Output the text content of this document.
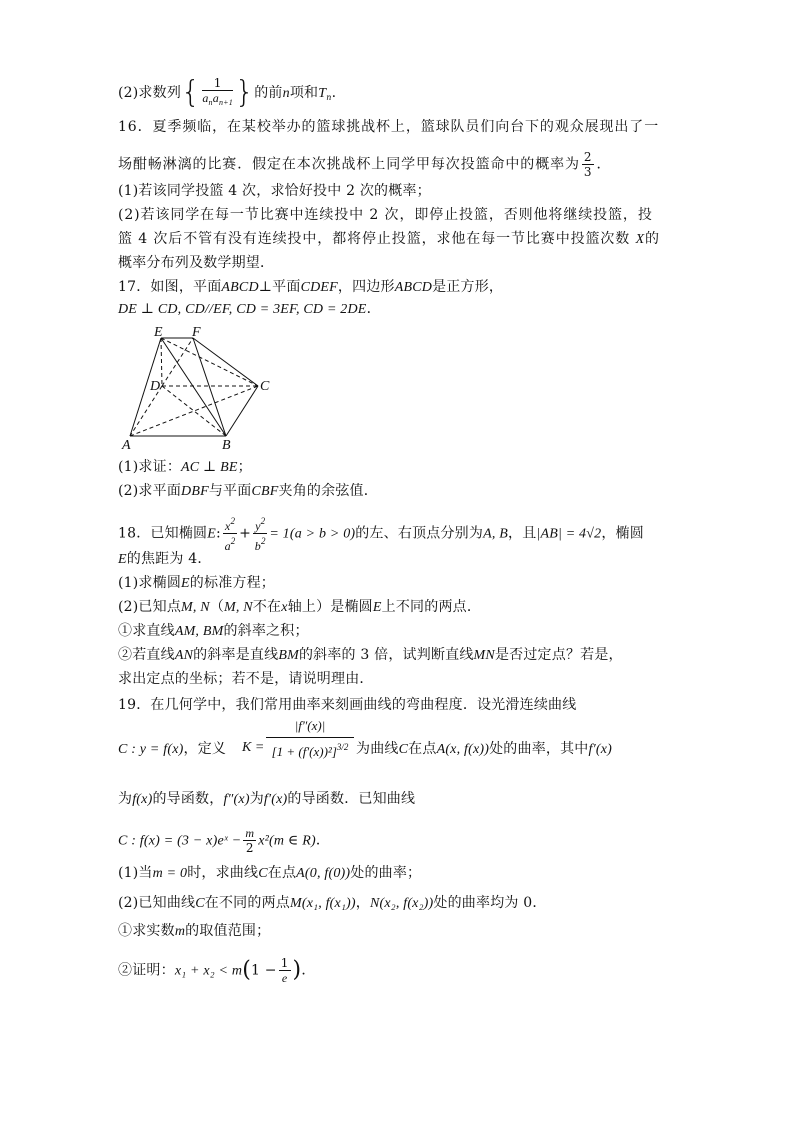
(2)求数列{ $\frac{1}{a_na_{n+1}}$ }的前n项和$T_n$.
16．夏季频临，在某校举办的篮球挑战杯上，篮球队员们向台下的观众展现出了一
场酣畅淋漓的比赛．假定在本次挑战杯上同学甲每次投篮命中的概率为 $\frac{2}{3}$ ．
(1)若该同学投篮 4 次，求恰好投中 2 次的概率；
(2)若该同学在每一节比赛中连续投中 2 次，即停止投篮，否则他将继续投篮，投
篮 4 次后不管有没有连续投中，都将停止投篮，求他在每一节比赛中投篮次数 X的
概率分布列及数学期望．
17．如图，平面ABCD⊥平面CDEF，四边形ABCD是正方形，
DE ⊥ CD, CD//EF, CD = 3EF, CD = 2DE．
E F
D	C
A	B
(1)求证：AC ⊥ BE；
(2)求平面DBF与平面CBF夹角的余弦值．
18．已知椭圆E: $\frac{x^2}{a^2} + \frac{y^2}{b^2} = 1(a > b > 0)$的左、右顶点分别为A, B，且|AB| = 4√2，椭圆
E的焦距为 4．
(1)求椭圆E的标准方程；
(2)已知点M, N（M, N不在x轴上）是椭圆E上不同的两点．
①求直线AM, BM的斜率之积；
②若直线AN的斜率是直线BM的斜率的 3 倍，试判断直线MN是否过定点？若是，
求出定点的坐标；若不是，请说明理由．
19．在几何学中，我们常用曲率来刻画曲线的弯曲程度．设光滑连续曲线
C : y = f(x)，定义 $K = \frac{|f''(x)|}{[1 + (f'(x))^2]^{3/2}}$ 为曲线C在点A(x, f(x))处的曲率，其中f′(x)
为f(x)的导函数，f″(x)为f′(x)的导函数．已知曲线
C : f(x) = (3 − x)eˣ − $\frac{m}{2} x^2(m$ ∈ R)．
(1)当m = 0时，求曲线C在点A(0, f(0))处的曲率；
(2)已知曲线C在不同的两点M(x₁, f(x₁))，N(x₂, f(x₂))处的曲率均为 0．
①求实数m的取值范围；
②证明：$x_1 + x_2 < m(1 - \frac{1}{e}$ )．
